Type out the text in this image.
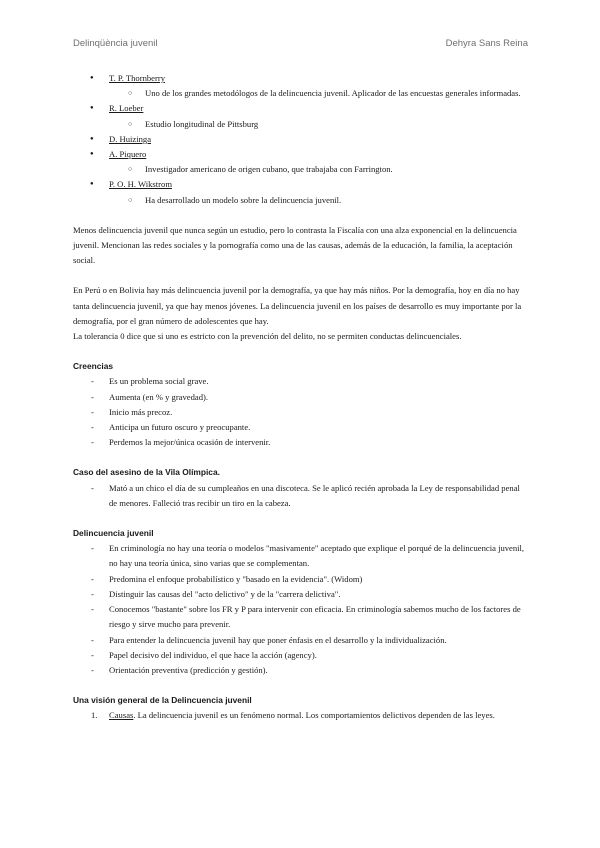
Delinqüència juvenil	Dehyra Sans Reina
● T. P. Thornberry
○ Uno de los grandes metodólogos de la delincuencia juvenil. Aplicador de las encuestas generales informadas.
● R. Loeber
○ Estudio longitudinal de Pittsburg
● D. Huizinga
● A. Piquero
○ Investigador americano de origen cubano, que trabajaba con Farrington.
● P. O. H. Wikstrom
○ Ha desarrollado un modelo sobre la delincuencia juvenil.

Menos delincuencia juvenil que nunca según un estudio, pero lo contrasta la Fiscalía con una alza exponencial en la delincuencia juvenil. Mencionan las redes sociales y la pornografía como una de las causas, además de la educación, la familia, la aceptación social.

En Perú o en Bolivia hay más delincuencia juvenil por la demografía, ya que hay más niños. Por la demografía, hoy en día no hay tanta delincuencia juvenil, ya que hay menos jóvenes. La delincuencia juvenil en los países de desarrollo es muy importante por la demografía, por el gran número de adolescentes que hay.

La tolerancia 0 dice que si uno es estricto con la prevención del delito, no se permiten conductas delincuenciales.

Creencias
- Es un problema social grave.
- Aumenta (en % y gravedad).
- Inicio más precoz.
- Anticipa un futuro oscuro y preocupante.
- Perdemos la mejor/única ocasión de intervenir.
Caso del asesino de la Vila Olímpica.
- Mató a un chico el día de su cumpleaños en una discoteca. Se le aplicó recién aprobada la Ley de responsabilidad penal de menores. Falleció tras recibir un tiro en la cabeza.
Delincuencia juvenil
- En criminología no hay una teoría o modelos "masivamente" aceptado que explique el porqué de la delincuencia juvenil, no hay una teoría única, sino varias que se complementan.
- Predomina el enfoque probabilístico y "basado en la evidencia". (Widom)
- Distinguir las causas del "acto delictivo" y de la "carrera delictiva".
- Conocemos "bastante" sobre los FR y P para intervenir con eficacia. En criminología sabemos mucho de los factores de riesgo y sirve mucho para prevenir.
- Para entender la delincuencia juvenil hay que poner énfasis en el desarrollo y la individualización.
- Papel decisivo del individuo, el que hace la acción (agency).
- Orientación preventiva (predicción y gestión).
Una visión general de la Delincuencia juvenil
1. Causas. La delincuencia juvenil es un fenómeno normal. Los comportamientos delictivos dependen de las leyes.
